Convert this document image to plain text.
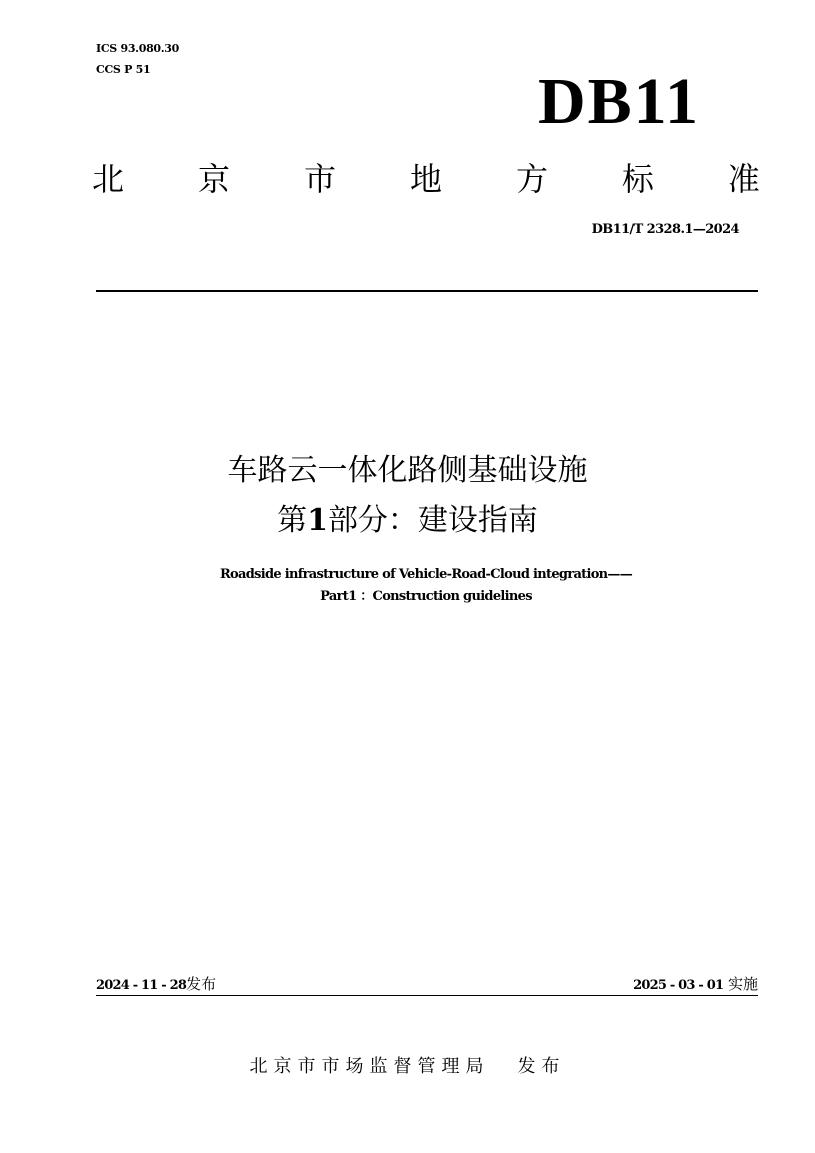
ICS 93.080.30
CCS P 51	DB11
北 京 市 地 方 标 准
DB11/T 2328.1—2024
车路云一体化路侧基础设施
第1部分：建设指南
Roadside infrastructure of Vehicle-Road-Cloud integration——
Part1 ：Construction guidelines
2024 - 11 - 28发布	2025 - 03 - 01 实施
北京市市场监督管理局 发布
